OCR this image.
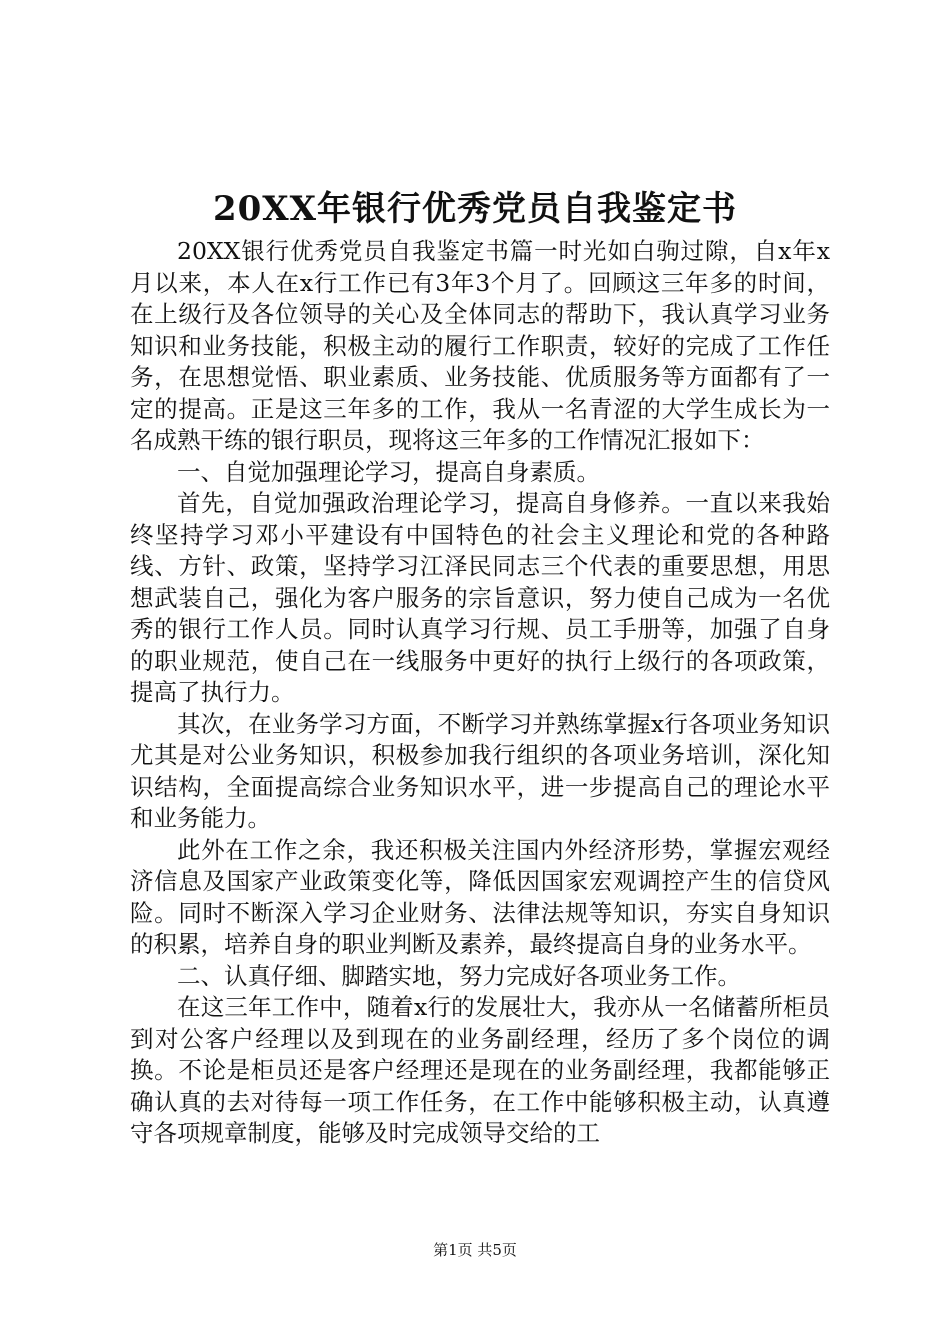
20XX年银行优秀党员自我鉴定书

20XX银行优秀党员自我鉴定书篇一时光如白驹过隙，自x年x月以来，本人在x行工作已有3年3个月了。回顾这三年多的时间，在上级行及各位领导的关心及全体同志的帮助下，我认真学习业务知识和业务技能，积极主动的履行工作职责，较好的完成了工作任务，在思想觉悟、职业素质、业务技能、优质服务等方面都有了一定的提高。正是这三年多的工作，我从一名青涩的大学生成长为一名成熟干练的银行职员，现将这三年多的工作情况汇报如下：

一、自觉加强理论学习，提高自身素质。

首先，自觉加强政治理论学习，提高自身修养。一直以来我始终坚持学习邓小平建设有中国特色的社会主义理论和党的各种路线、方针、政策，坚持学习江泽民同志三个代表的重要思想，用思想武装自己，强化为客户服务的宗旨意识，努力使自己成为一名优秀的银行工作人员。同时认真学习行规、员工手册等，加强了自身的职业规范，使自己在一线服务中更好的执行上级行的各项政策，提高了执行力。

其次，在业务学习方面，不断学习并熟练掌握x行各项业务知识尤其是对公业务知识，积极参加我行组织的各项业务培训，深化知识结构，全面提高综合业务知识水平，进一步提高自己的理论水平和业务能力。

此外在工作之余，我还积极关注国内外经济形势，掌握宏观经济信息及国家产业政策变化等，降低因国家宏观调控产生的信贷风险。同时不断深入学习企业财务、法律法规等知识，夯实自身知识的积累，培养自身的职业判断及素养，最终提高自身的业务水平。

二、认真仔细、脚踏实地，努力完成好各项业务工作。

在这三年工作中，随着x行的发展壮大，我亦从一名储蓄所柜员到对公客户经理以及到现在的业务副经理，经历了多个岗位的调换。不论是柜员还是客户经理还是现在的业务副经理，我都能够正确认真的去对待每一项工作任务，在工作中能够积极主动，认真遵守各项规章制度，能够及时完成领导交给的工

第1页 共5页
